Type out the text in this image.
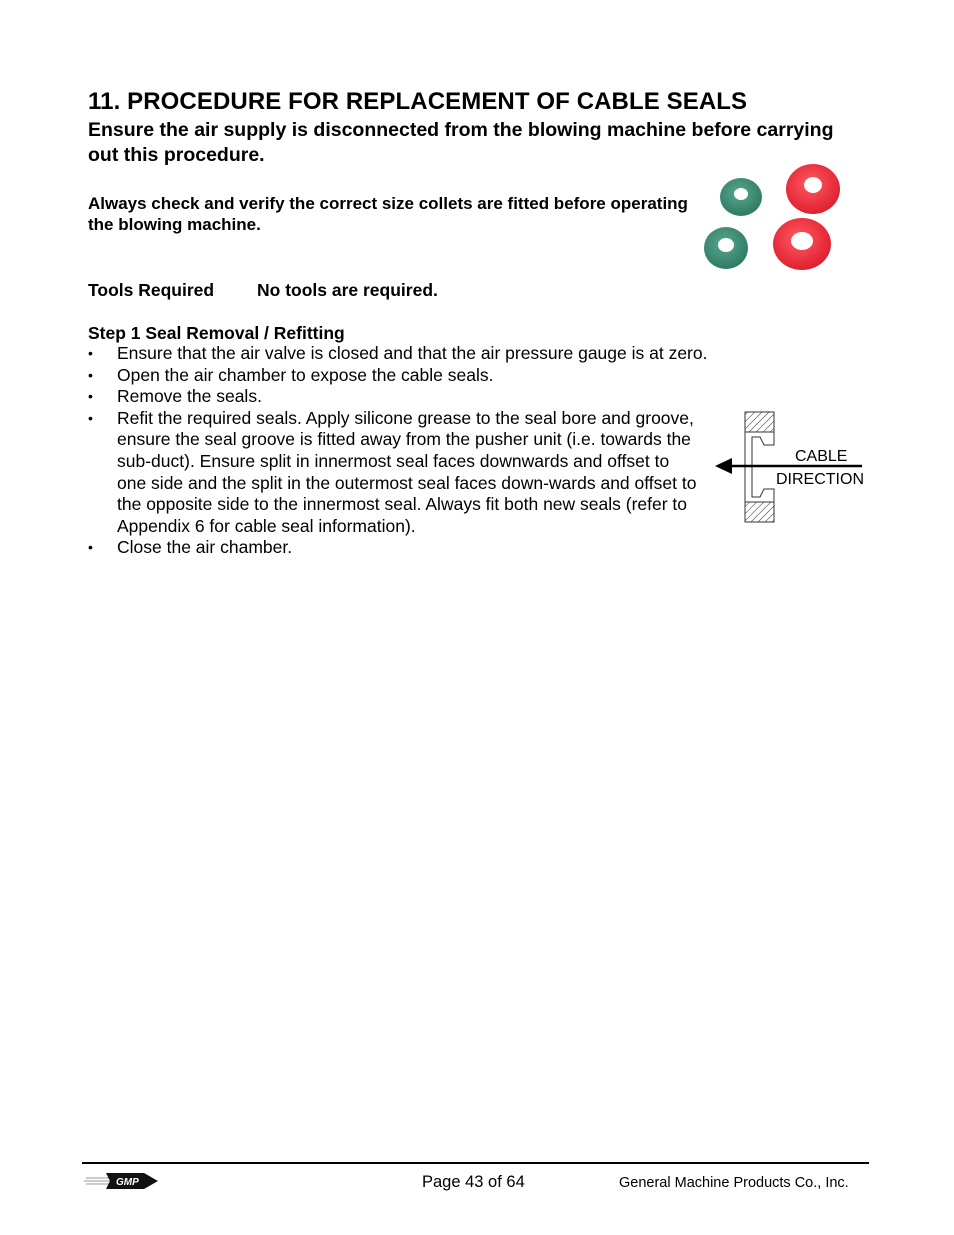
11. PROCEDURE FOR REPLACEMENT OF CABLE SEALS
Ensure the air supply is disconnected from the blowing machine before carrying out this procedure.
Always check and verify the correct size collets are fitted before operating the blowing machine.
Tools Required No tools are required.
Step 1 Seal Removal / Refitting
• Ensure that the air valve is closed and that the air pressure gauge is at zero.
• Open the air chamber to expose the cable seals.
• Remove the seals.
• Refit the required seals. Apply silicone grease to the seal bore and groove, ensure the seal groove is fitted away from the pusher unit (i.e. towards the sub-duct). Ensure split in innermost seal faces downwards and offset to one side and the split in the outermost seal faces down-wards and offset to the opposite side to the innermost seal. Always fit both new seals (refer to Appendix 6 for cable seal information).
• Close the air chamber.
CABLE
DIRECTION
GMP	Page 43 of 64	General Machine Products Co., Inc.
